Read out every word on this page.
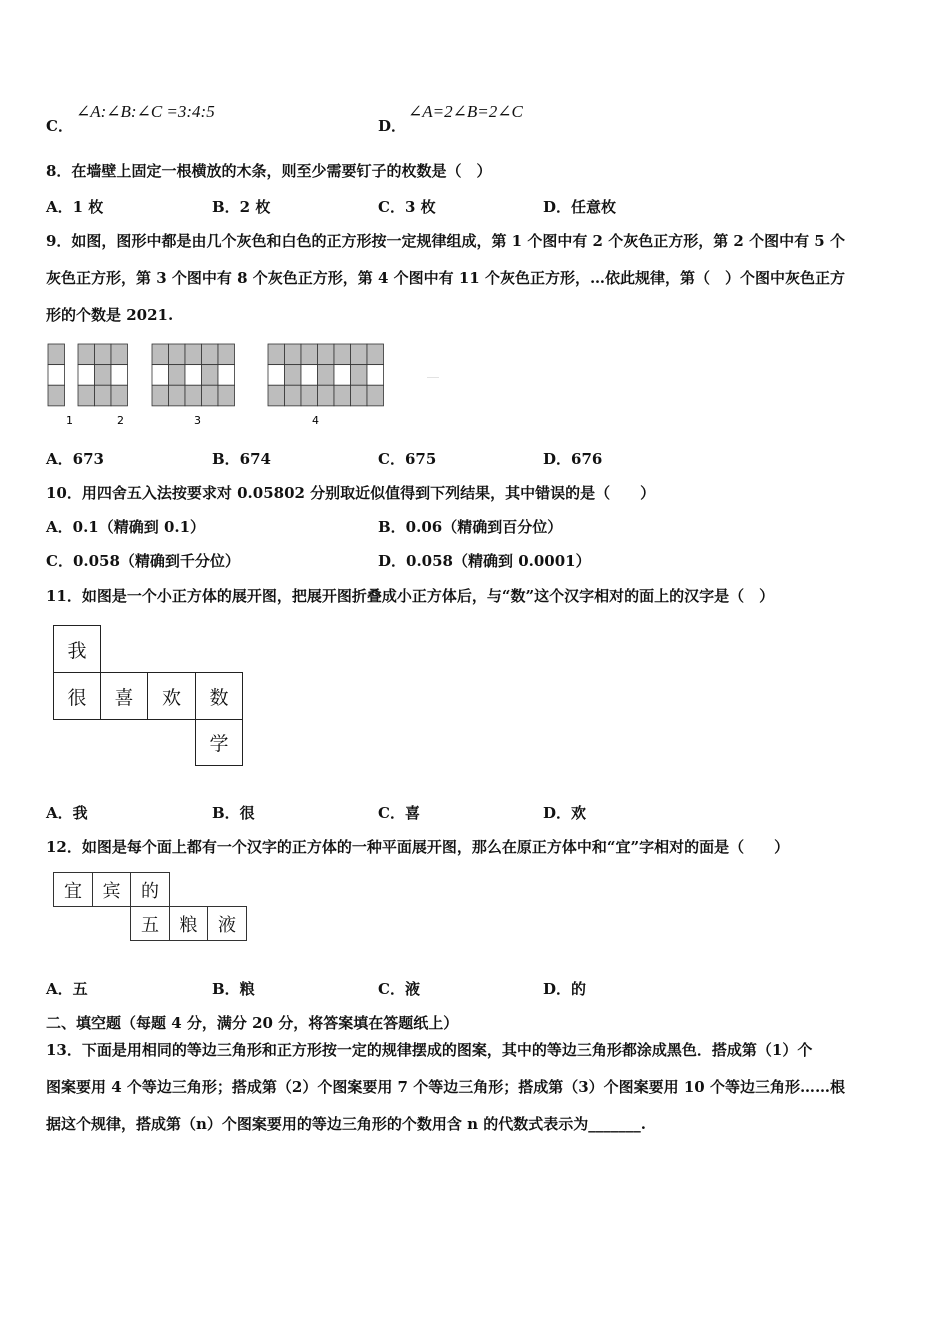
C．
∠A:∠B:∠C =3:4:5
D．
∠A=2∠B=2∠C
8．在墙壁上固定一根横放的木条，则至少需要钉子的枚数是（　）
A．1 枚	B．2 枚	C．3 枚	D．任意枚
9．如图，图形中都是由几个灰色和白色的正方形按一定规律组成，第 1 个图中有 2 个灰色正方形，第 2 个图中有 5 个
灰色正方形，第 3 个图中有 8 个灰色正方形，第 4 个图中有 11 个灰色正方形，…依此规律，第（　）个图中灰色正方
形的个数是 2021.
1	2	3	4
……
A．673	B．674	C．675	D．676
10．用四舍五入法按要求对 0.05802 分别取近似值得到下列结果，其中错误的是（　　）
A．0.1（精确到 0.1）	B．0.06（精确到百分位）
C．0.058（精确到千分位）	D．0.058（精确到 0.0001）
11．如图是一个小正方体的展开图，把展开图折叠成小正方体后，与“数”这个汉字相对的面上的汉字是（　）
我
很	喜	欢	数
学
A．我	B．很	C．喜	D．欢
12．如图是每个面上都有一个汉字的正方体的一种平面展开图，那么在原正方体中和“宜”字相对的面是（　　）
宜	宾	的
五	粮	液
A．五	B．粮	C．液	D．的
二、填空题（每题 4 分，满分 20 分，将答案填在答题纸上）
13．下面是用相同的等边三角形和正方形按一定的规律摆成的图案，其中的等边三角形都涂成黑色．搭成第（1）个
图案要用 4 个等边三角形；搭成第（2）个图案要用 7 个等边三角形；搭成第（3）个图案要用 10 个等边三角形……根
据这个规律，搭成第（n）个图案要用的等边三角形的个数用含 n 的代数式表示为_______.
